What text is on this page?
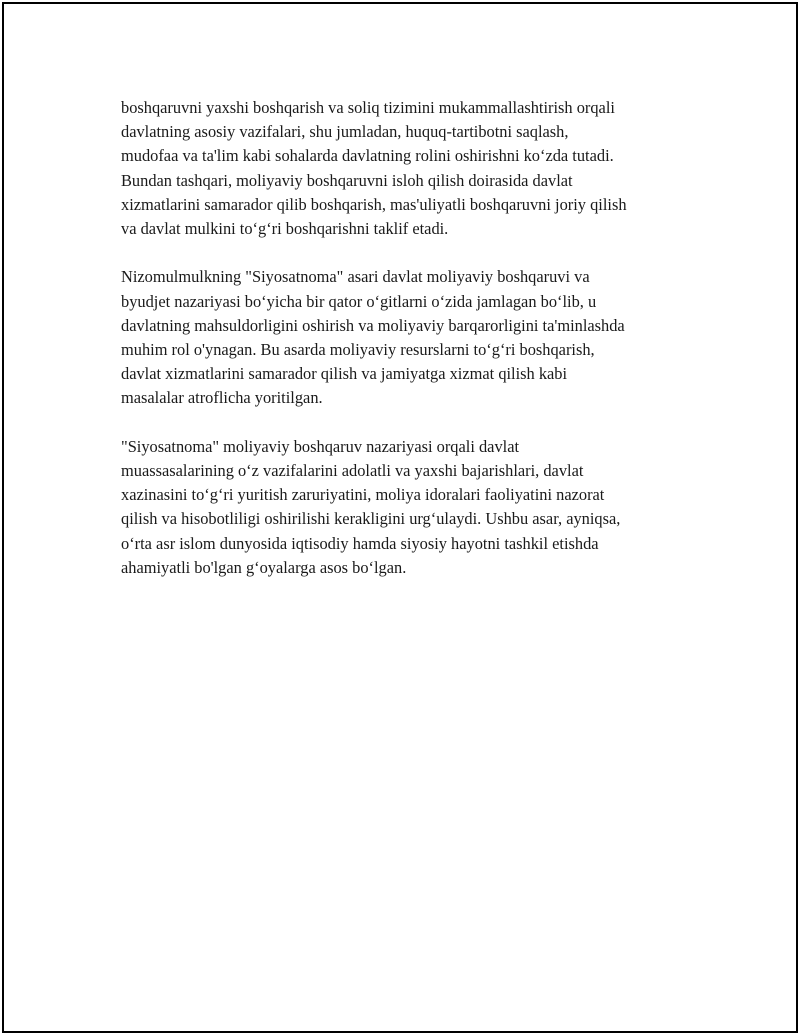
boshqaruvni yaxshi boshqarish va soliq tizimini mukammallashtirish orqali
davlatning asosiy vazifalari, shu jumladan, huquq-tartibotni saqlash,
mudofaa va ta'lim kabi sohalarda davlatning rolini oshirishni koʻzda tutadi.
Bundan tashqari, moliyaviy boshqaruvni isloh qilish doirasida davlat
xizmatlarini samarador qilib boshqarish, mas'uliyatli boshqaruvni joriy qilish
va davlat mulkini toʻgʻri boshqarishni taklif etadi.

Nizomulmulkning "Siyosatnoma" asari davlat moliyaviy boshqaruvi va
byudjet nazariyasi boʻyicha bir qator oʻgitlarni oʻzida jamlagan boʻlib, u
davlatning mahsuldorligini oshirish va moliyaviy barqarorligini ta'minlashda
muhim rol o'ynagan. Bu asarda moliyaviy resurslarni toʻgʻri boshqarish,
davlat xizmatlarini samarador qilish va jamiyatga xizmat qilish kabi
masalalar atroflicha yoritilgan.

"Siyosatnoma" moliyaviy boshqaruv nazariyasi orqali davlat
muassasalarining oʻz vazifalarini adolatli va yaxshi bajarishlari, davlat
xazinasini toʻgʻri yuritish zaruriyatini, moliya idoralari faoliyatini nazorat
qilish va hisobotliligi oshirilishi kerakligini urgʻulaydi. Ushbu asar, ayniqsa,
oʻrta asr islom dunyosida iqtisodiy hamda siyosiy hayotni tashkil etishda
ahamiyatli bo'lgan gʻoyalarga asos boʻlgan.
